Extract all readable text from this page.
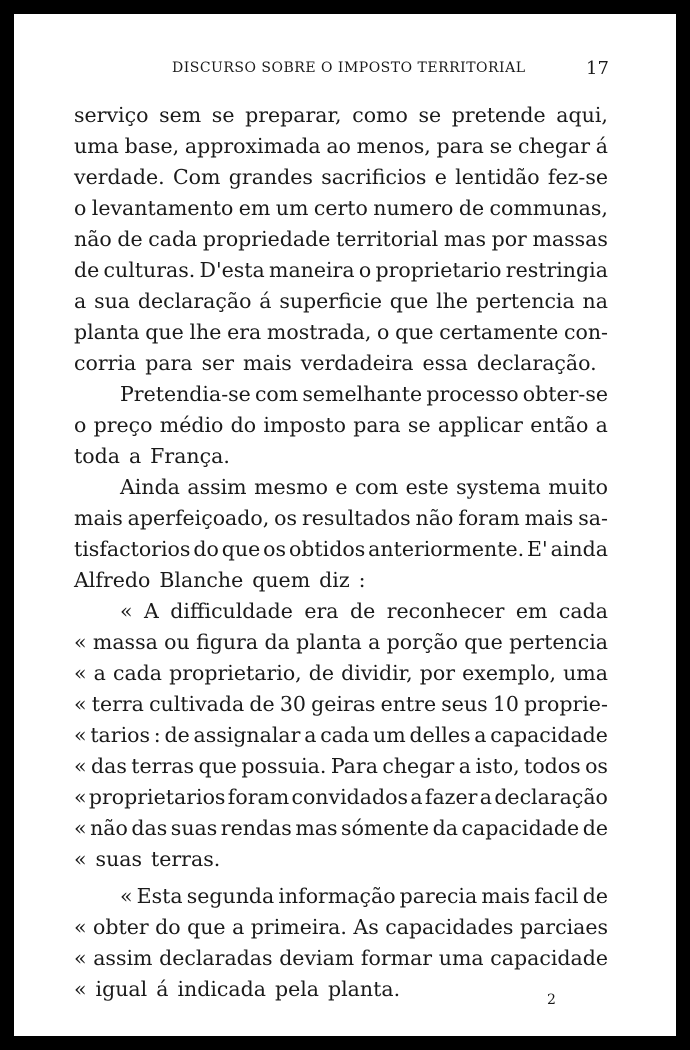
DISCURSO SOBRE O IMPOSTO TERRITORIAL	17
serviço sem se preparar, como se pretende aqui,
uma base, approximada ao menos, para se chegar á
verdade. Com grandes sacrificios e lentidão fez-se
o levantamento em um certo numero de communas,
não de cada propriedade territorial mas por massas
de culturas. D'esta maneira o proprietario restringia
a sua declaração á superficie que lhe pertencia na
planta que lhe era mostrada, o que certamente con-
corria para ser mais verdadeira essa declaração.
Pretendia-se com semelhante processo obter-se
o preço médio do imposto para se applicar então a
toda a França.
Ainda assim mesmo e com este systema muito
mais aperfeiçoado, os resultados não foram mais sa-
tisfactorios do que os obtidos anteriormente. E' ainda
Alfredo Blanche quem diz :
« A difficuldade era de reconhecer em cada
« massa ou figura da planta a porção que pertencia
« a cada proprietario, de dividir, por exemplo, uma
« terra cultivada de 30 geiras entre seus 10 proprie-
« tarios : de assignalar a cada um delles a capacidade
« das terras que possuia. Para chegar a isto, todos os
« proprietarios foram convidados a fazer a declaração
« não das suas rendas mas sómente da capacidade de
« suas terras.
« Esta segunda informação parecia mais facil de
« obter do que a primeira. As capacidades parciaes
« assim declaradas deviam formar uma capacidade
« igual á indicada pela planta.	2
